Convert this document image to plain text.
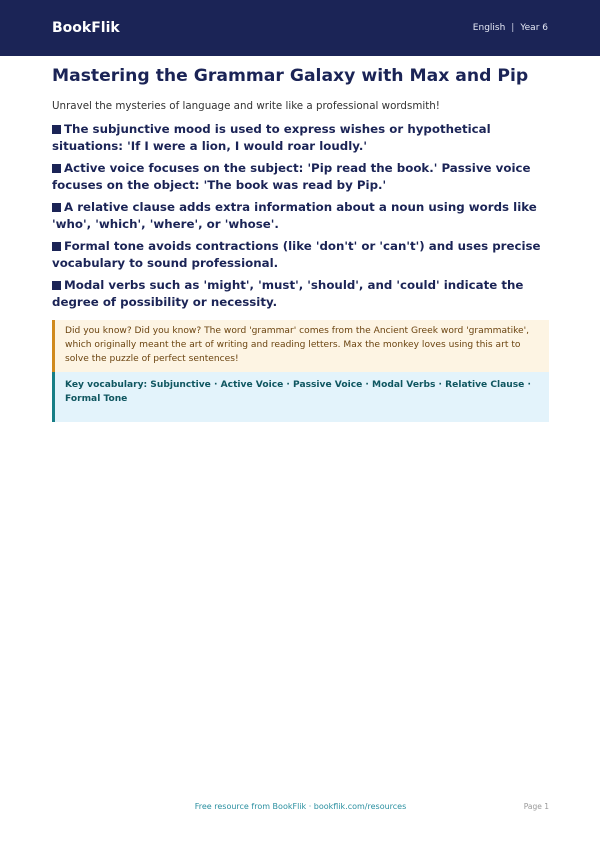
BookFlik	English | Year 6
Mastering the Grammar Galaxy with Max and Pip
Unravel the mysteries of language and write like a professional wordsmith!
The subjunctive mood is used to express wishes or hypothetical situations: 'If I were a lion, I would roar loudly.'
Active voice focuses on the subject: 'Pip read the book.' Passive voice focuses on the object: 'The book was read by Pip.'
A relative clause adds extra information about a noun using words like 'who', 'which', 'where', or 'whose'.
Formal tone avoids contractions (like 'don't' or 'can't') and uses precise vocabulary to sound professional.
Modal verbs such as 'might', 'must', 'should', and 'could' indicate the degree of possibility or necessity.
Did you know? Did you know? The word 'grammar' comes from the Ancient Greek word 'grammatike', which originally meant the art of writing and reading letters. Max the monkey loves using this art to solve the puzzle of perfect sentences!
Key vocabulary: Subjunctive · Active Voice · Passive Voice · Modal Verbs · Relative Clause · Formal Tone
Free resource from BookFlik · bookflik.com/resources	Page 1
